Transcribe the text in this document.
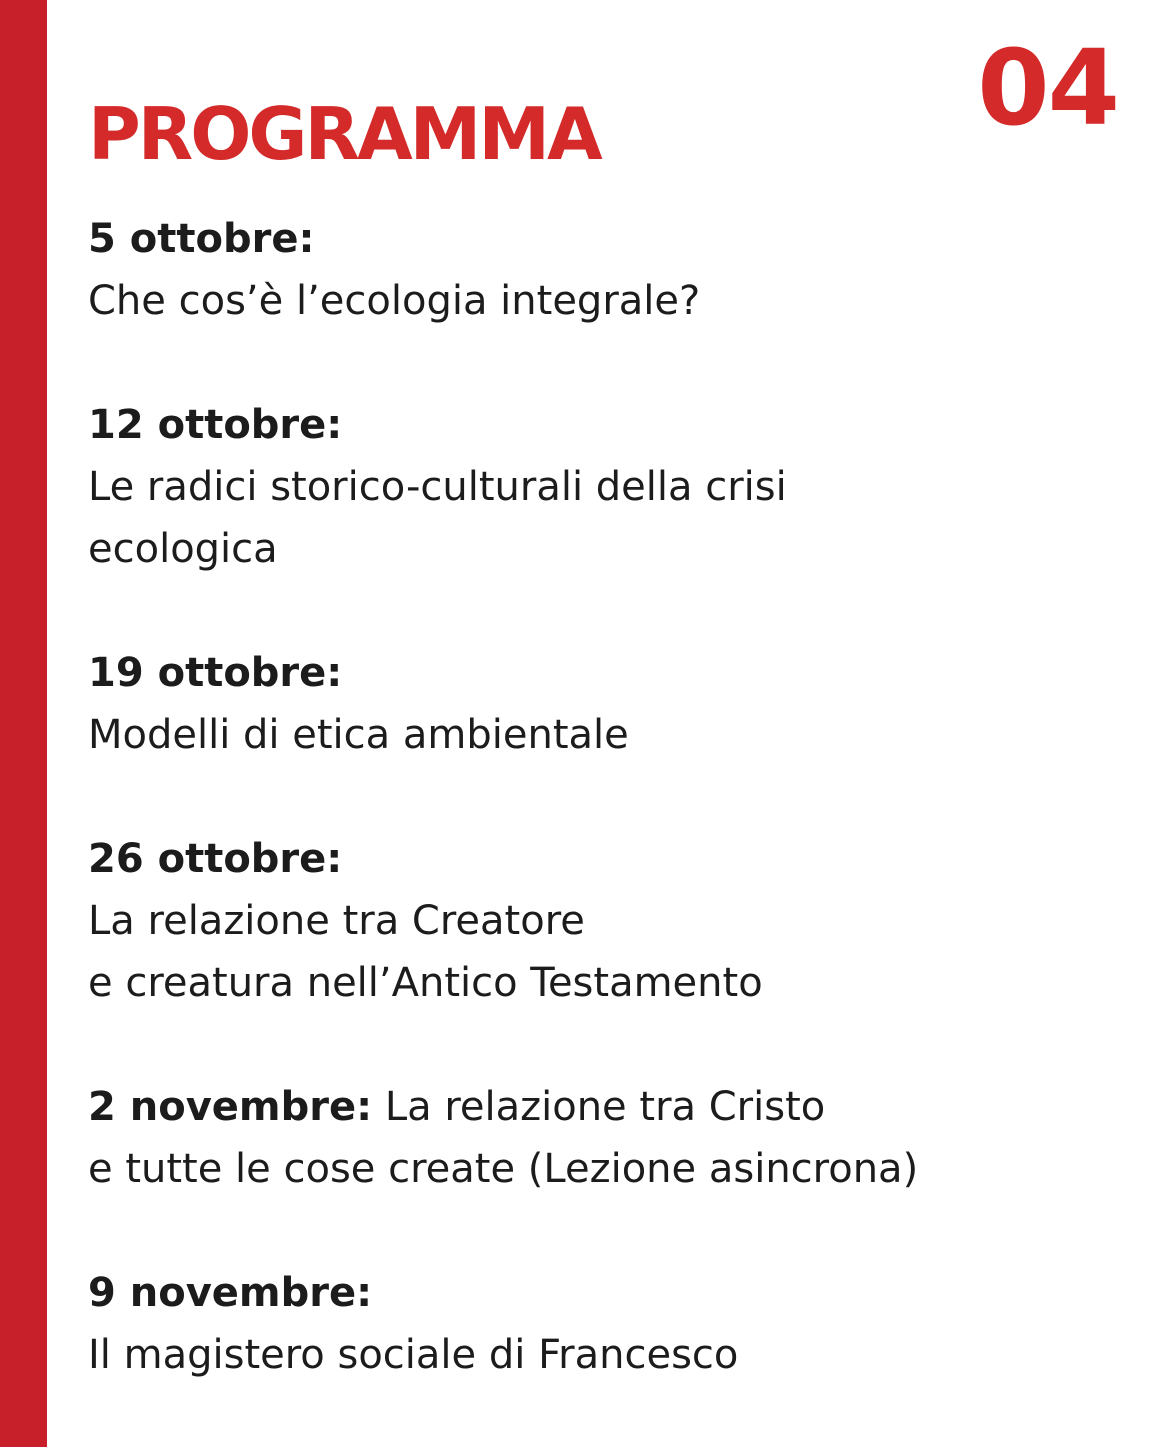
04
PROGRAMMA
5 ottobre:
Che cos’è l’ecologia integrale?
12 ottobre:
Le radici storico-culturali della crisi
ecologica
19 ottobre:
Modelli di etica ambientale
26 ottobre:
La relazione tra Creatore
e creatura nell’Antico Testamento
2 novembre: La relazione tra Cristo
e tutte le cose create (Lezione asincrona)
9 novembre:
Il magistero sociale di Francesco
